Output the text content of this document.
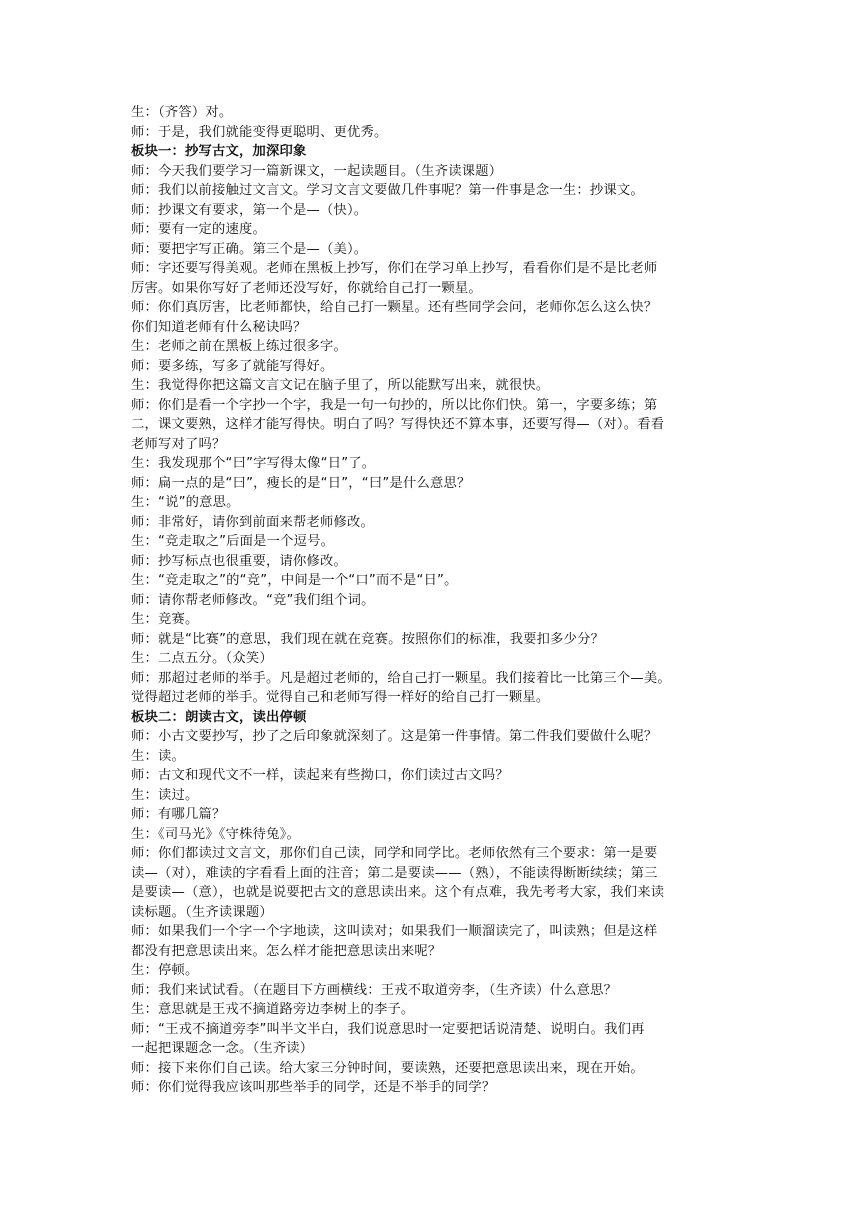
生：（齐答）对。
师：于是，我们就能变得更聪明、更优秀。
板块一：抄写古文，加深印象
师：今天我们要学习一篇新课文，一起读题目。（生齐读课题）
师：我们以前接触过文言文。学习文言文要做几件事呢？第一件事是念一生：抄课文。
师：抄课文有要求，第一个是—（快）。
师：要有一定的速度。
师：要把字写正确。第三个是—（美）。
师：字还要写得美观。老师在黑板上抄写，你们在学习单上抄写，看看你们是不是比老师
厉害。如果你写好了老师还没写好，你就给自己打一颗星。
师：你们真厉害，比老师都快，给自己打一颗星。还有些同学会问，老师你怎么这么快？
你们知道老师有什么秘诀吗？
生：老师之前在黑板上练过很多字。
师：要多练，写多了就能写得好。
生：我觉得你把这篇文言文记在脑子里了，所以能默写出来，就很快。
师：你们是看一个字抄一个字，我是一句一句抄的，所以比你们快。第一，字要多练；第
二，课文要熟，这样才能写得快。明白了吗？写得快还不算本事，还要写得—（对）。看看
老师写对了吗？
生：我发现那个“曰”字写得太像“日”了。
师：扁一点的是“曰”，瘦长的是“日”，“曰”是什么意思？
生：“说”的意思。
师：非常好，请你到前面来帮老师修改。
生：“竞走取之”后面是一个逗号。
师：抄写标点也很重要，请你修改。
生：“竞走取之”的“竞”，中间是一个“口”而不是“日”。
师：请你帮老师修改。“竞”我们组个词。
生：竞赛。
师：就是“比赛”的意思，我们现在就在竞赛。按照你们的标准，我要扣多少分？
生：二点五分。（众笑）
师：那超过老师的举手。凡是超过老师的，给自己打一颗星。我们接着比一比第三个—美。
觉得超过老师的举手。觉得自己和老师写得一样好的给自己打一颗星。
板块二：朗读古文，读出停顿
师：小古文要抄写，抄了之后印象就深刻了。这是第一件事情。第二件我们要做什么呢？
生：读。
师：古文和现代文不一样，读起来有些拗口，你们读过古文吗？
生：读过。
师：有哪几篇？
生：《司马光》《守株待兔》。
师：你们都读过文言文，那你们自己读，同学和同学比。老师依然有三个要求：第一是要
读—（对），难读的字看看上面的注音；第二是要读——（熟），不能读得断断续续；第三
是要读—（意），也就是说要把古文的意思读出来。这个有点难，我先考考大家，我们来读
读标题。（生齐读课题）
师：如果我们一个字一个字地读，这叫读对；如果我们一顺溜读完了，叫读熟；但是这样
都没有把意思读出来。怎么样才能把意思读出来呢？
生：停顿。
师：我们来试试看。（在题目下方画横线：王戎不取道旁李，（生齐读）什么意思？
生：意思就是王戎不摘道路旁边李树上的李子。
师：“王戎不摘道旁李”叫半文半白，我们说意思时一定要把话说清楚、说明白。我们再
一起把课题念一念。（生齐读）
师：接下来你们自己读。给大家三分钟时间，要读熟，还要把意思读出来，现在开始。
师：你们觉得我应该叫那些举手的同学，还是不举手的同学？
